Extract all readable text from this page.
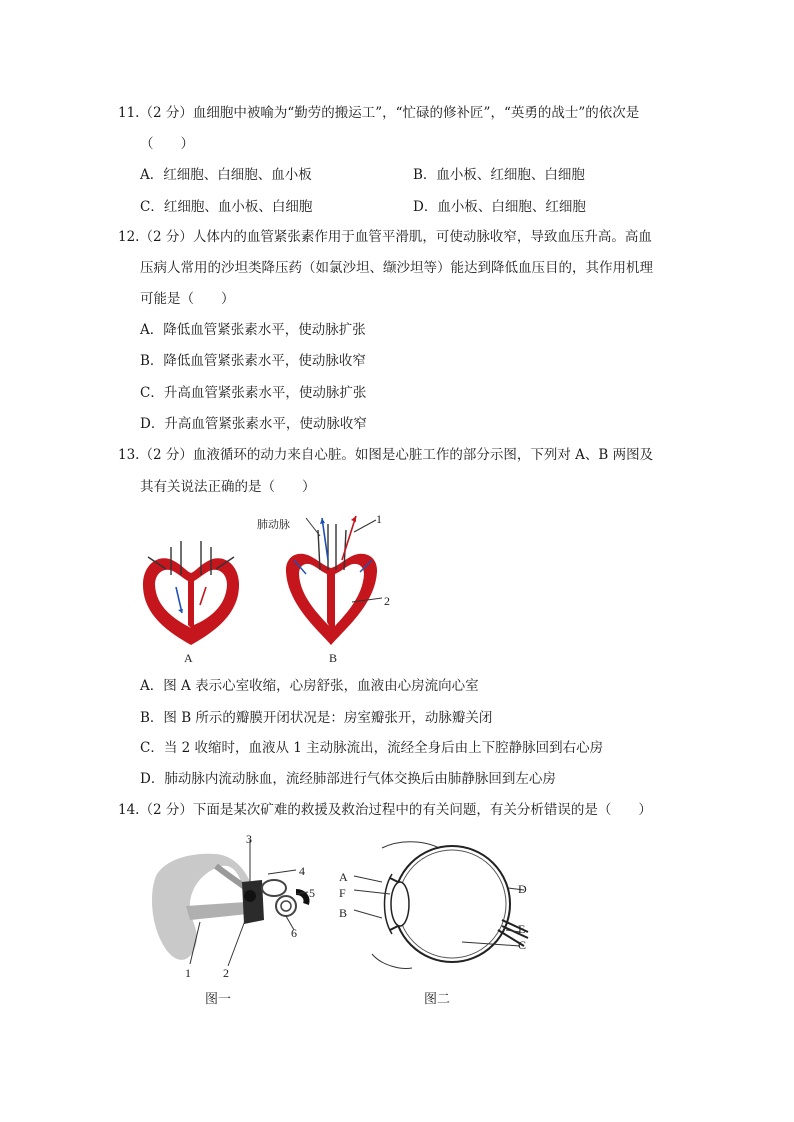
11.（2 分）血细胞中被喻为“勤劳的搬运工”，“忙碌的修补匠”，“英勇的战士”的依次是
（　　）
A．红细胞、白细胞、血小板	B．血小板、红细胞、白细胞
C．红细胞、血小板、白细胞	D．血小板、白细胞、红细胞
12.（2 分）人体内的血管紧张素作用于血管平滑肌，可使动脉收窄，导致血压升高。高血
压病人常用的沙坦类降压药（如氯沙坦、缬沙坦等）能达到降低血压目的，其作用机理
可能是（　　）
A．降低血管紧张素水平，使动脉扩张
B．降低血管紧张素水平，使动脉收窄
C．升高血管紧张素水平，使动脉扩张
D．升高血管紧张素水平，使动脉收窄
13.（2 分）血液循环的动力来自心脏。如图是心脏工作的部分示图，下列对 A、B 两图及
其有关说法正确的是（　　）
A
肺动脉	1
2
B
A．图 A 表示心室收缩，心房舒张，血液由心房流向心室
B．图 B 所示的瓣膜开闭状况是：房室瓣张开，动脉瓣关闭
C．当 2 收缩时，血液从 1 主动脉流出，流经全身后由上下腔静脉回到右心房
D．肺动脉内流动脉血，流经肺部进行气体交换后由肺静脉回到左心房
14.（2 分）下面是某次矿难的救援及救治过程中的有关问题，有关分析错误的是（　　）
1	2
3
4
5
6
图一
A
F
B
D
E
C
图二
